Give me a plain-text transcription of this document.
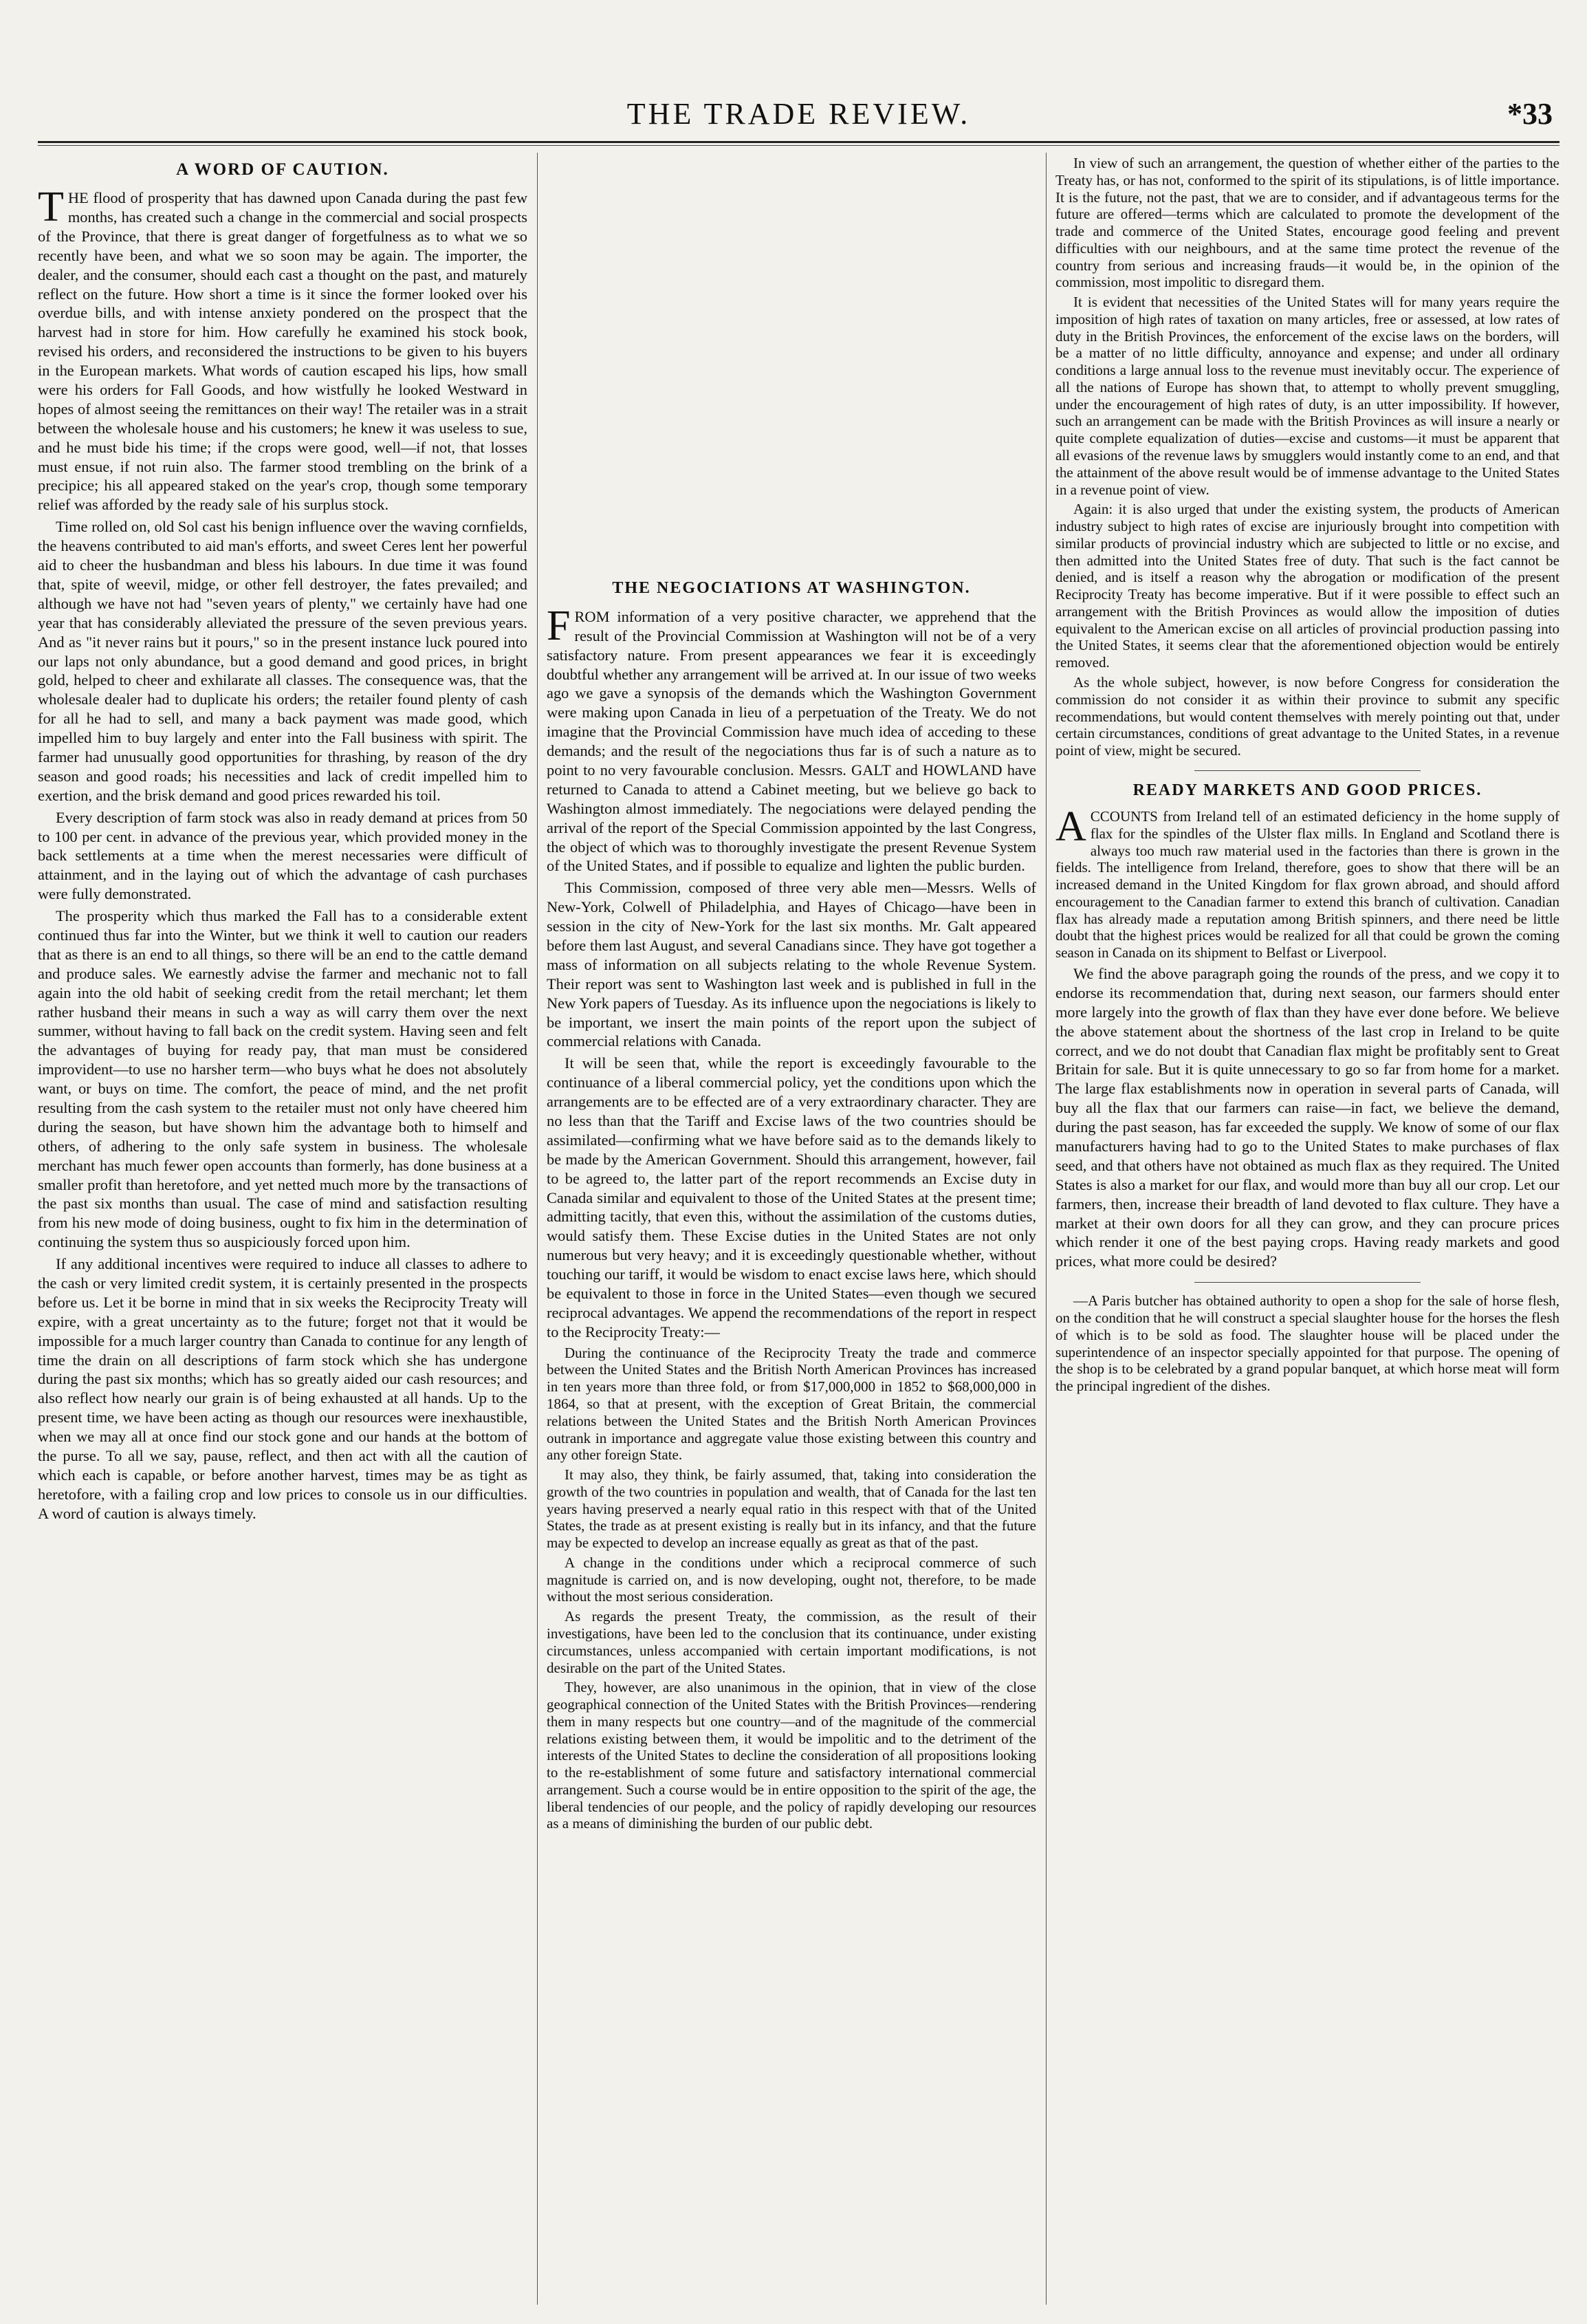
THE TRADE REVIEW.	*33
A WORD OF CAUTION.

THE flood of prosperity that has dawned upon Canada during the past few months, has created such a change in the commercial and social prospects of the Province, that there is great danger of forgetfulness as to what we so recently have been, and what we so soon may be again. The importer, the dealer, and the consumer, should each cast a thought on the past, and maturely reflect on the future. How short a time is it since the former looked over his overdue bills, and with intense anxiety pondered on the prospect that the harvest had in store for him. How carefully he examined his stock book, revised his orders, and reconsidered the instructions to be given to his buyers in the European markets. What words of caution escaped his lips, how small were his orders for Fall Goods, and how wistfully he looked Westward in hopes of almost seeing the remittances on their way! The retailer was in a strait between the wholesale house and his customers; he knew it was useless to sue, and he must bide his time; if the crops were good, well—if not, that losses must ensue, if not ruin also. The farmer stood trembling on the brink of a precipice; his all appeared staked on the year's crop, though some temporary relief was afforded by the ready sale of his surplus stock.

Time rolled on, old Sol cast his benign influence over the waving cornfields, the heavens contributed to aid man's efforts, and sweet Ceres lent her powerful aid to cheer the husbandman and bless his labours. In due time it was found that, spite of weevil, midge, or other fell destroyer, the fates prevailed; and although we have not had "seven years of plenty," we certainly have had one year that has considerably alleviated the pressure of the seven previous years. And as "it never rains but it pours," so in the present instance luck poured into our laps not only abundance, but a good demand and good prices, in bright gold, helped to cheer and exhilarate all classes. The consequence was, that the wholesale dealer had to duplicate his orders; the retailer found plenty of cash for all he had to sell, and many a back payment was made good, which impelled him to buy largely and enter into the Fall business with spirit. The farmer had unusually good opportunities for thrashing, by reason of the dry season and good roads; his necessities and lack of credit impelled him to exertion, and the brisk demand and good prices rewarded his toil.

Every description of farm stock was also in ready demand at prices from 50 to 100 per cent. in advance of the previous year, which provided money in the back settlements at a time when the merest necessaries were difficult of attainment, and in the laying out of which the advantage of cash purchases were fully demonstrated.

The prosperity which thus marked the Fall has to a considerable extent continued thus far into the Winter, but we think it well to caution our readers that as there is an end to all things, so there will be an end to the cattle demand and produce sales. We earnestly advise the farmer and mechanic not to fall again into the old habit of seeking credit from the retail merchant; let them rather husband their means in such a way as will carry them over the next summer, without having to fall back on the credit system. Having seen and felt the advantages of buying for ready pay, that man must be considered improvident—to use no harsher term—who buys what he does not absolutely want, or buys on time. The comfort, the peace of mind, and the net profit resulting from the cash system to the retailer must not only have cheered him during the season, but have shown him the advantage both to himself and others, of adhering to the only safe system in business. The wholesale merchant has much fewer open accounts than formerly, has done business at a smaller profit than heretofore, and yet netted much more by the transactions of the past six months than usual. The case of mind and satisfaction resulting from his new mode of doing business, ought to fix him in the determination of continuing the system thus so auspiciously forced upon him.

If any additional incentives were required to induce all classes to adhere to the cash or very limited credit system, it is certainly presented in the prospects before us. Let it be borne in mind that in six weeks the Reciprocity Treaty will expire, with a great uncertainty as to the future; forget not that it would be impossible for a much larger country than Canada to continue for any length of time the drain on all descriptions of farm stock which she has undergone during the past six months; which has so greatly aided our cash resources; and also reflect how nearly our grain is of being exhausted at all hands. Up to the present time, we have been acting as though our resources were inexhaustible, when we may all at once find our stock gone and our hands at the bottom of the purse. To all we say, pause, reflect, and then act with all the caution of which each is capable, or before another harvest, times may be as tight as heretofore, with a failing crop and low prices to console us in our difficulties. A word of caution is always timely.

THE NEGOCIATIONS AT WASHINGTON.

FROM information of a very positive character, we apprehend that the result of the Provincial Commission at Washington will not be of a very satisfactory nature. From present appearances we fear it is exceedingly doubtful whether any arrangement will be arrived at. In our issue of two weeks ago we gave a synopsis of the demands which the Washington Government were making upon Canada in lieu of a perpetuation of the Treaty. We do not imagine that the Provincial Commission have much idea of acceding to these demands; and the result of the negociations thus far is of such a nature as to point to no very favourable conclusion. Messrs. GALT and HOWLAND have returned to Canada to attend a Cabinet meeting, but we believe go back to Washington almost immediately. The negociations were delayed pending the arrival of the report of the Special Commission appointed by the last Congress, the object of which was to thoroughly investigate the present Revenue System of the United States, and if possible to equalize and lighten the public burden.

This Commission, composed of three very able men—Messrs. Wells of New-York, Colwell of Philadelphia, and Hayes of Chicago—have been in session in the city of New-York for the last six months. Mr. Galt appeared before them last August, and several Canadians since. They have got together a mass of information on all subjects relating to the whole Revenue System. Their report was sent to Washington last week and is published in full in the New York papers of Tuesday. As its influence upon the negociations is likely to be important, we insert the main points of the report upon the subject of commercial relations with Canada.

It will be seen that, while the report is exceedingly favourable to the continuance of a liberal commercial policy, yet the conditions upon which the arrangements are to be effected are of a very extraordinary character. They are no less than that the Tariff and Excise laws of the two countries should be assimilated—confirming what we have before said as to the demands likely to be made by the American Government. Should this arrangement, however, fail to be agreed to, the latter part of the report recommends an Excise duty in Canada similar and equivalent to those of the United States at the present time; admitting tacitly, that even this, without the assimilation of the customs duties, would satisfy them. These Excise duties in the United States are not only numerous but very heavy; and it is exceedingly questionable whether, without touching our tariff, it would be wisdom to enact excise laws here, which should be equivalent to those in force in the United States—even though we secured reciprocal advantages. We append the recommendations of the report in respect to the Reciprocity Treaty:—

During the continuance of the Reciprocity Treaty the trade and commerce between the United States and the British North American Provinces has increased in ten years more than three fold, or from $17,000,000 in 1852 to $68,000,000 in 1864, so that at present, with the exception of Great Britain, the commercial relations between the United States and the British North American Provinces outrank in importance and aggregate value those existing between this country and any other foreign State.

It may also, they think, be fairly assumed, that, taking into consideration the growth of the two countries in population and wealth, that of Canada for the last ten years having preserved a nearly equal ratio in this respect with that of the United States, the trade as at present existing is really but in its infancy, and that the future may be expected to develop an increase equally as great as that of the past.

A change in the conditions under which a reciprocal commerce of such magnitude is carried on, and is now developing, ought not, therefore, to be made without the most serious consideration.

As regards the present Treaty, the commission, as the result of their investigations, have been led to the conclusion that its continuance, under existing circumstances, unless accompanied with certain important modifications, is not desirable on the part of the United States.

They, however, are also unanimous in the opinion, that in view of the close geographical connection of the United States with the British Provinces—rendering them in many respects but one country—and of the magnitude of the commercial relations existing between them, it would be impolitic and to the detriment of the interests of the United States to decline the consideration of all propositions looking to the re-establishment of some future and satisfactory international commercial arrangement. Such a course would be in entire opposition to the spirit of the age, the liberal tendencies of our people, and the policy of rapidly developing our resources as a means of diminishing the burden of our public debt.

In view of such an arrangement, the question of whether either of the parties to the Treaty has, or has not, conformed to the spirit of its stipulations, is of little importance. It is the future, not the past, that we are to consider, and if advantageous terms for the future are offered—terms which are calculated to promote the development of the trade and commerce of the United States, encourage good feeling and prevent difficulties with our neighbours, and at the same time protect the revenue of the country from serious and increasing frauds—it would be, in the opinion of the commission, most impolitic to disregard them.

It is evident that necessities of the United States will for many years require the imposition of high rates of taxation on many articles, free or assessed, at low rates of duty in the British Provinces, the enforcement of the excise laws on the borders, will be a matter of no little difficulty, annoyance and expense; and under all ordinary conditions a large annual loss to the revenue must inevitably occur. The experience of all the nations of Europe has shown that, to attempt to wholly prevent smuggling, under the encouragement of high rates of duty, is an utter impossibility. If however, such an arrangement can be made with the British Provinces as will insure a nearly or quite complete equalization of duties—excise and customs—it must be apparent that all evasions of the revenue laws by smugglers would instantly come to an end, and that the attainment of the above result would be of immense advantage to the United States in a revenue point of view.

Again: it is also urged that under the existing system, the products of American industry subject to high rates of excise are injuriously brought into competition with similar products of provincial industry which are subjected to little or no excise, and then admitted into the United States free of duty. That such is the fact cannot be denied, and is itself a reason why the abrogation or modification of the present Reciprocity Treaty has become imperative. But if it were possible to effect such an arrangement with the British Provinces as would allow the imposition of duties equivalent to the American excise on all articles of provincial production passing into the United States, it seems clear that the aforementioned objection would be entirely removed.

As the whole subject, however, is now before Congress for consideration the commission do not consider it as within their province to submit any specific recommendations, but would content themselves with merely pointing out that, under certain circumstances, conditions of great advantage to the United States, in a revenue point of view, might be secured.

READY MARKETS AND GOOD PRICES.

ACCOUNTS from Ireland tell of an estimated deficiency in the home supply of flax for the spindles of the Ulster flax mills. In England and Scotland there is always too much raw material used in the factories than there is grown in the fields. The intelligence from Ireland, therefore, goes to show that there will be an increased demand in the United Kingdom for flax grown abroad, and should afford encouragement to the Canadian farmer to extend this branch of cultivation. Canadian flax has already made a reputation among British spinners, and there need be little doubt that the highest prices would be realized for all that could be grown the coming season in Canada on its shipment to Belfast or Liverpool.

We find the above paragraph going the rounds of the press, and we copy it to endorse its recommendation that, during next season, our farmers should enter more largely into the growth of flax than they have ever done before. We believe the above statement about the shortness of the last crop in Ireland to be quite correct, and we do not doubt that Canadian flax might be profitably sent to Great Britain for sale. But it is quite unnecessary to go so far from home for a market. The large flax establishments now in operation in several parts of Canada, will buy all the flax that our farmers can raise—in fact, we believe the demand, during the past season, has far exceeded the supply. We know of some of our flax manufacturers having had to go to the United States to make purchases of flax seed, and that others have not obtained as much flax as they required. The United States is also a market for our flax, and would more than buy all our crop. Let our farmers, then, increase their breadth of land devoted to flax culture. They have a market at their own doors for all they can grow, and they can procure prices which render it one of the best paying crops. Having ready markets and good prices, what more could be desired?

—A Paris butcher has obtained authority to open a shop for the sale of horse flesh, on the condition that he will construct a special slaughter house for the horses the flesh of which is to be sold as food. The slaughter house will be placed under the superintendence of an inspector specially appointed for that purpose. The opening of the shop is to be celebrated by a grand popular banquet, at which horse meat will form the principal ingredient of the dishes.
